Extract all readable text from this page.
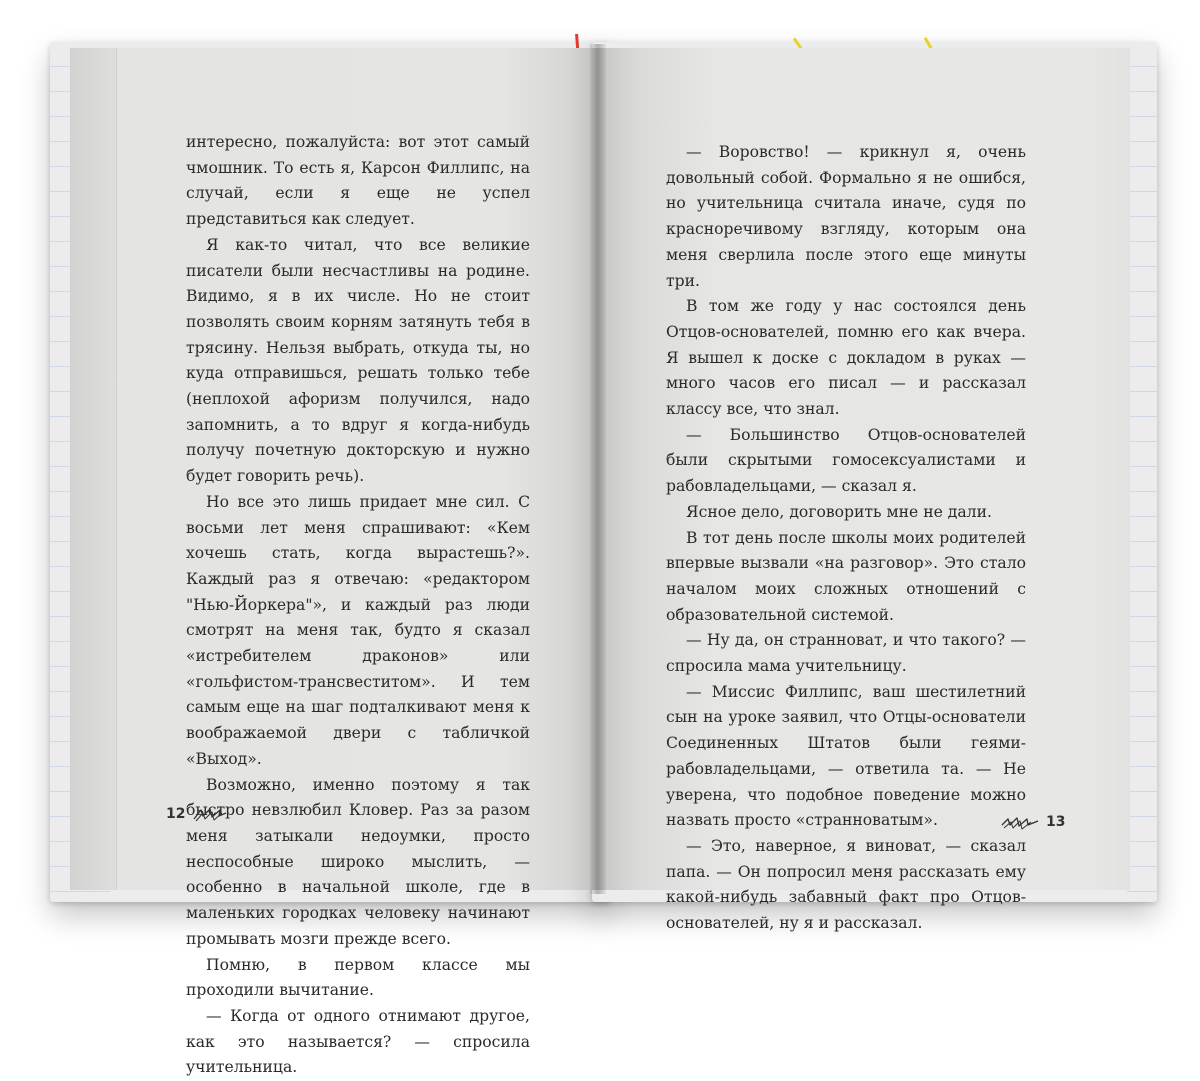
интересно, пожалуйста: вот этот самый чмошник. То есть я, Карсон Филлипс, на случай, если я еще не успел представиться как следует.

Я как-то читал, что все великие писатели были несчастливы на родине. Видимо, я в их числе. Но не стоит позволять своим корням затянуть тебя в трясину. Нельзя выбрать, откуда ты, но куда отправишься, решать только тебе (неплохой афоризм получился, надо запомнить, а то вдруг я когда-нибудь получу почетную докторскую и нужно будет говорить речь).

Но все это лишь придает мне сил. С восьми лет меня спрашивают: «Кем хочешь стать, когда вырастешь?». Каждый раз я отвечаю: «редактором "Нью-Йоркера"», и каждый раз люди смотрят на меня так, будто я сказал «истребителем драконов» или «гольфистом-трансвеститом». И тем самым еще на шаг подталкивают меня к воображаемой двери с табличкой «Выход».

Возможно, именно поэтому я так быстро невзлюбил Кловер. Раз за разом меня затыкали недоумки, просто неспособные широко мыслить, — особенно в начальной школе, где в маленьких городках человеку начинают промывать мозги прежде всего.

Помню, в первом классе мы проходили вычитание.

— Когда от одного отнимают другое, как это называется? — спросила учительница.

— Воровство! — крикнул я, очень довольный собой. Формально я не ошибся, но учительница считала иначе, судя по красноречивому взгляду, которым она меня сверлила после этого еще минуты три.

В том же году у нас состоялся день Отцов-основателей, помню его как вчера. Я вышел к доске с докладом в руках — много часов его писал — и рассказал классу все, что знал.

— Большинство Отцов-основателей были скрытыми гомосексуалистами и рабовладельцами, — сказал я.

Ясное дело, договорить мне не дали.

В тот день после школы моих родителей впервые вызвали «на разговор». Это стало началом моих сложных отношений с образовательной системой.

— Ну да, он странноват, и что такого? — спросила мама учительницу.

— Миссис Филлипс, ваш шестилетний сын на уроке заявил, что Отцы-основатели Соединенных Штатов были геями-рабовладельцами, — ответила та. — Не уверена, что подобное поведение можно назвать просто «странноватым».

— Это, наверное, я виноват, — сказал папа. — Он попросил меня рассказать ему какой-нибудь забавный факт про Отцов-основателей, ну я и рассказал.

12	13
